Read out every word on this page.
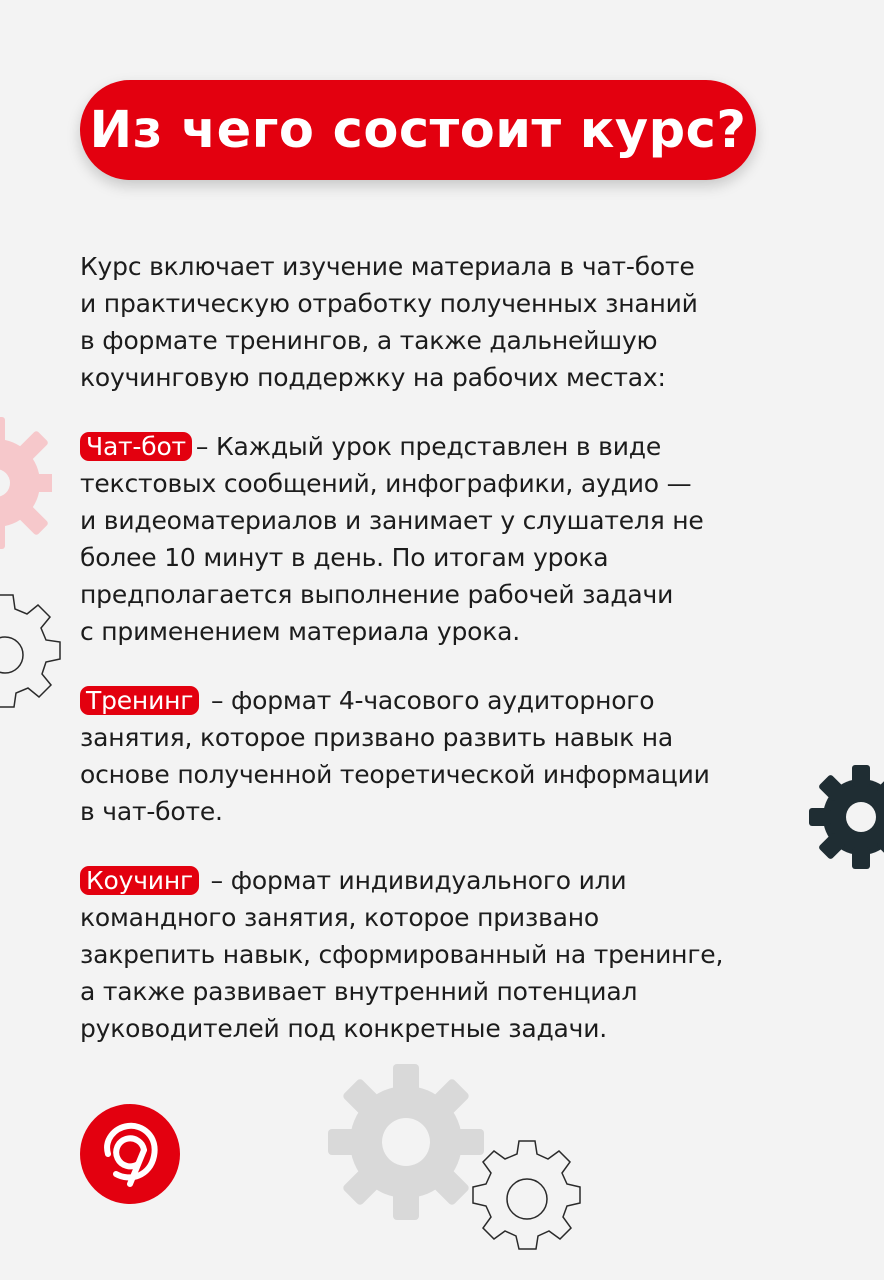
Из чего состоит курс?

Курс включает изучение материала в чат-боте
и практическую отработку полученных знаний
в формате тренингов, а также дальнейшую
коучинговую поддержку на рабочих местах:

Чат-бот – Каждый урок представлен в виде
текстовых сообщений, инфографики, аудио —
и видеоматериалов и занимает у слушателя не
более 10 минут в день. По итогам урока
предполагается выполнение рабочей задачи
с применением материала урока.

Тренинг – формат 4-часового аудиторного
занятия, которое призвано развить навык на
основе полученной теоретической информации
в чат-боте.

Коучинг – формат индивидуального или
командного занятия, которое призвано
закрепить навык, сформированный на тренинге,
а также развивает внутренний потенциал
руководителей под конкретные задачи.
